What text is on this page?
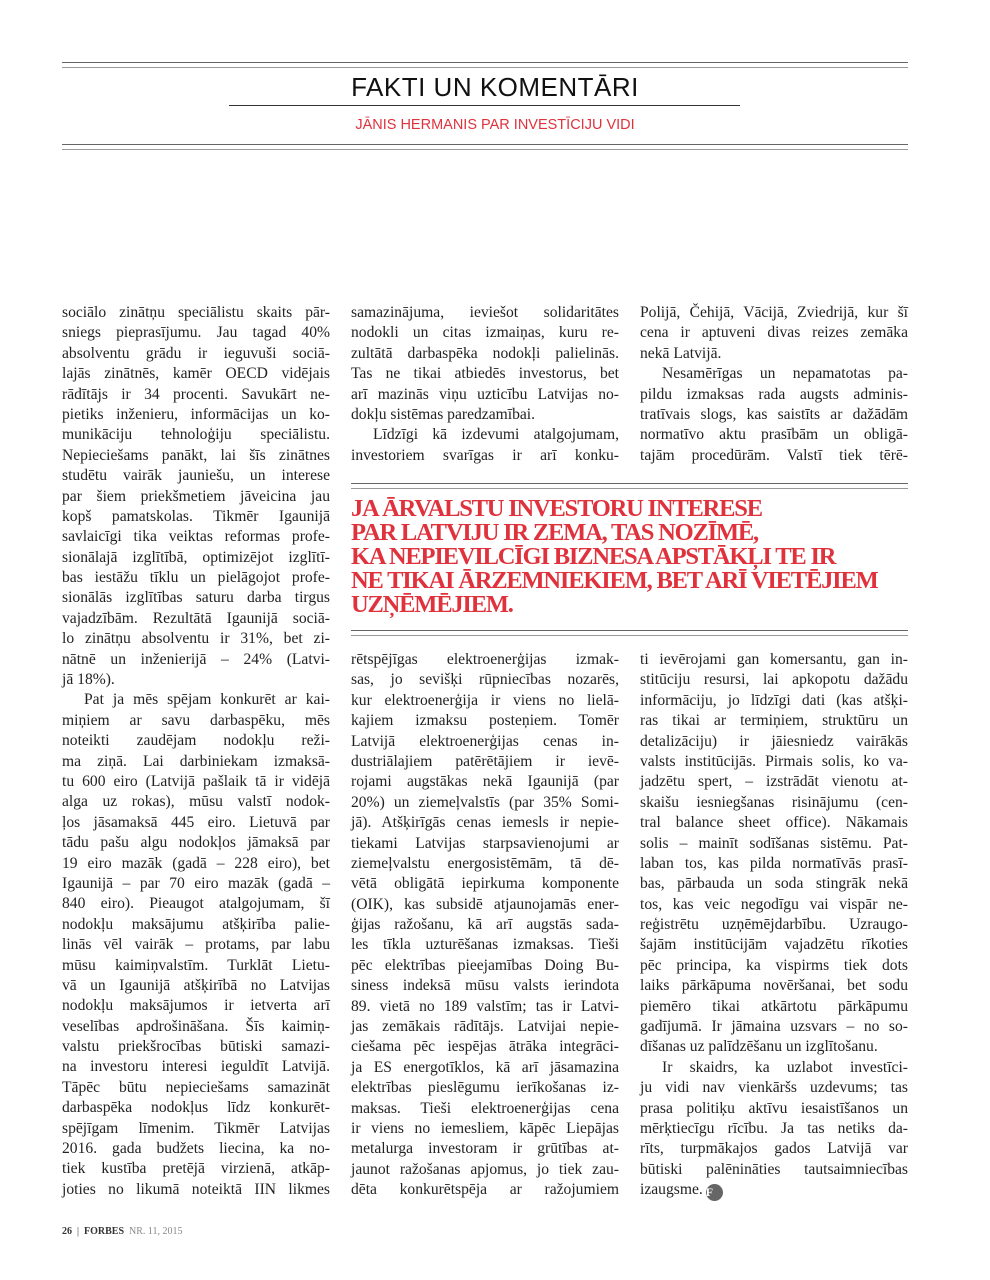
FAKTI UN KOMENTĀRI
JĀNIS HERMANIS PAR INVESTĪCIJU VIDI
sociālo zinātņu speciālistu skaits pār-
sniegs pieprasījumu. Jau tagad 40%
absolventu grādu ir ieguvuši sociā-
lajās zinātnēs, kamēr OECD vidējais
rādītājs ir 34 procenti. Savukārt ne-
pietiks inženieru, informācijas un ko-
munikāciju tehnoloģiju speciālistu.
Nepieciešams panākt, lai šīs zinātnes
studētu vairāk jauniešu, un interese
par šiem priekšmetiem jāveicina jau
kopš pamatskolas. Tikmēr Igaunijā
savlaicīgi tika veiktas reformas profe-
sionālajā izglītībā, optimizējot izglītī-
bas iestāžu tīklu un pielāgojot profe-
sionālās izglītības saturu darba tirgus
vajadzībām. Rezultātā Igaunijā sociā-
lo zinātņu absolventu ir 31%, bet zi-
nātnē un inženierijā – 24% (Latvi-
jā 18%).
Pat ja mēs spējam konkurēt ar kai-
miņiem ar savu darbaspēku, mēs
noteikti zaudējam nodokļu reži-
ma ziņā. Lai darbiniekam izmaksā-
tu 600 eiro (Latvijā pašlaik tā ir vidējā
alga uz rokas), mūsu valstī nodok-
ļos jāsamaksā 445 eiro. Lietuvā par
tādu pašu algu nodokļos jāmaksā par
19 eiro mazāk (gadā – 228 eiro), bet
Igaunijā – par 70 eiro mazāk (gadā –
840 eiro). Pieaugot atalgojumam, šī
nodokļu maksājumu atšķirība palie-
linās vēl vairāk – protams, par labu
mūsu kaimiņvalstīm. Turklāt Lietu-
vā un Igaunijā atšķirībā no Latvijas
nodokļu maksājumos ir ietverta arī
veselības apdrošināšana. Šīs kaimiņ-
valstu priekšrocības būtiski samazi-
na investoru interesi ieguldīt Latvijā.
Tāpēc būtu nepieciešams samazināt
darbaspēka nodokļus līdz konkurēt-
spējīgam līmenim. Tikmēr Latvijas
2016. gada budžets liecina, ka no-
tiek kustība pretējā virzienā, atkāp-
joties no likumā noteiktā IIN likmes
samazinājuma, ieviešot solidaritātes
nodokli un citas izmaiņas, kuru re-
zultātā darbaspēka nodokļi palielinās.
Tas ne tikai atbiedēs investorus, bet
arī mazinās viņu uzticību Latvijas no-
dokļu sistēmas paredzamībai.
Līdzīgi kā izdevumi atalgojumam,
investoriem svarīgas ir arī konku-
Polijā, Čehijā, Vācijā, Zviedrijā, kur šī
cena ir aptuveni divas reizes zemāka
nekā Latvijā.
Nesamērīgas un nepamatotas pa-
pildu izmaksas rada augsts adminis-
tratīvais slogs, kas saistīts ar dažādām
normatīvo aktu prasībām un obligā-
tajām procedūrām. Valstī tiek tērē-
JA ĀRVALSTU INVESTORU INTERESE
PAR LATVIJU IR ZEMA, TAS NOZĪMĒ,
KA NEPIEVILCĪGI BIZNESA APSTĀKĻI TE IR
NE TIKAI ĀRZEMNIEKIEM, BET ARĪ VIETĒJIEM
UZŅĒMĒJIEM.
rētspējīgas elektroenerģijas izmak-
sas, jo sevišķi rūpniecības nozarēs,
kur elektroenerģija ir viens no lielā-
kajiem izmaksu posteņiem. Tomēr
Latvijā elektroenerģijas cenas in-
dustriālajiem patērētājiem ir ievē-
rojami augstākas nekā Igaunijā (par
20%) un ziemeļvalstīs (par 35% Somi-
jā). Atšķirīgās cenas iemesls ir nepie-
tiekami Latvijas starpsavienojumi ar
ziemeļvalstu energosistēmām, tā dē-
vētā obligātā iepirkuma komponente
(OIK), kas subsidē atjaunojamās ener-
ģijas ražošanu, kā arī augstās sada-
les tīkla uzturēšanas izmaksas. Tieši
pēc elektrības pieejamības Doing Bu-
siness indeksā mūsu valsts ierindota
89. vietā no 189 valstīm; tas ir Latvi-
jas zemākais rādītājs. Latvijai nepie-
ciešama pēc iespējas ātrāka integrāci-
ja ES energotīklos, kā arī jāsamazina
elektrības pieslēgumu ierīkošanas iz-
maksas. Tieši elektroenerģijas cena
ir viens no iemesliem, kāpēc Liepājas
metalurga investoram ir grūtības at-
jaunot ražošanas apjomus, jo tiek zau-
dēta konkurētspēja ar ražojumiem
ti ievērojami gan komersantu, gan in-
stitūciju resursi, lai apkopotu dažādu
informāciju, jo līdzīgi dati (kas atšķi-
ras tikai ar termiņiem, struktūru un
detalizāciju) ir jāiesniedz vairākās
valsts institūcijās. Pirmais solis, ko va-
jadzētu spert, – izstrādāt vienotu at-
skaišu iesniegšanas risinājumu (cen-
tral balance sheet office). Nākamais
solis – mainīt sodīšanas sistēmu. Pat-
laban tos, kas pilda normatīvās prasī-
bas, pārbauda un soda stingrāk nekā
tos, kas veic negodīgu vai vispār ne-
reģistrētu uzņēmējdarbību. Uzraugo-
šajām institūcijām vajadzētu rīkoties
pēc principa, ka vispirms tiek dots
laiks pārkāpuma novēršanai, bet sodu
piemēro tikai atkārtotu pārkāpumu
gadījumā. Ir jāmaina uzsvars – no so-
dīšanas uz palīdzēšanu un izglītošanu.
Ir skaidrs, ka uzlabot investīci-
ju vidi nav vienkāršs uzdevums; tas
prasa politiķu aktīvu iesaistīšanos un
mērķtiecīgu rīcību. Ja tas netiks da-
rīts, turpmākajos gados Latvijā var
būtiski palēnināties tautsaimniecības
izaugsme. F
26 | FORBES NR. 11, 2015
